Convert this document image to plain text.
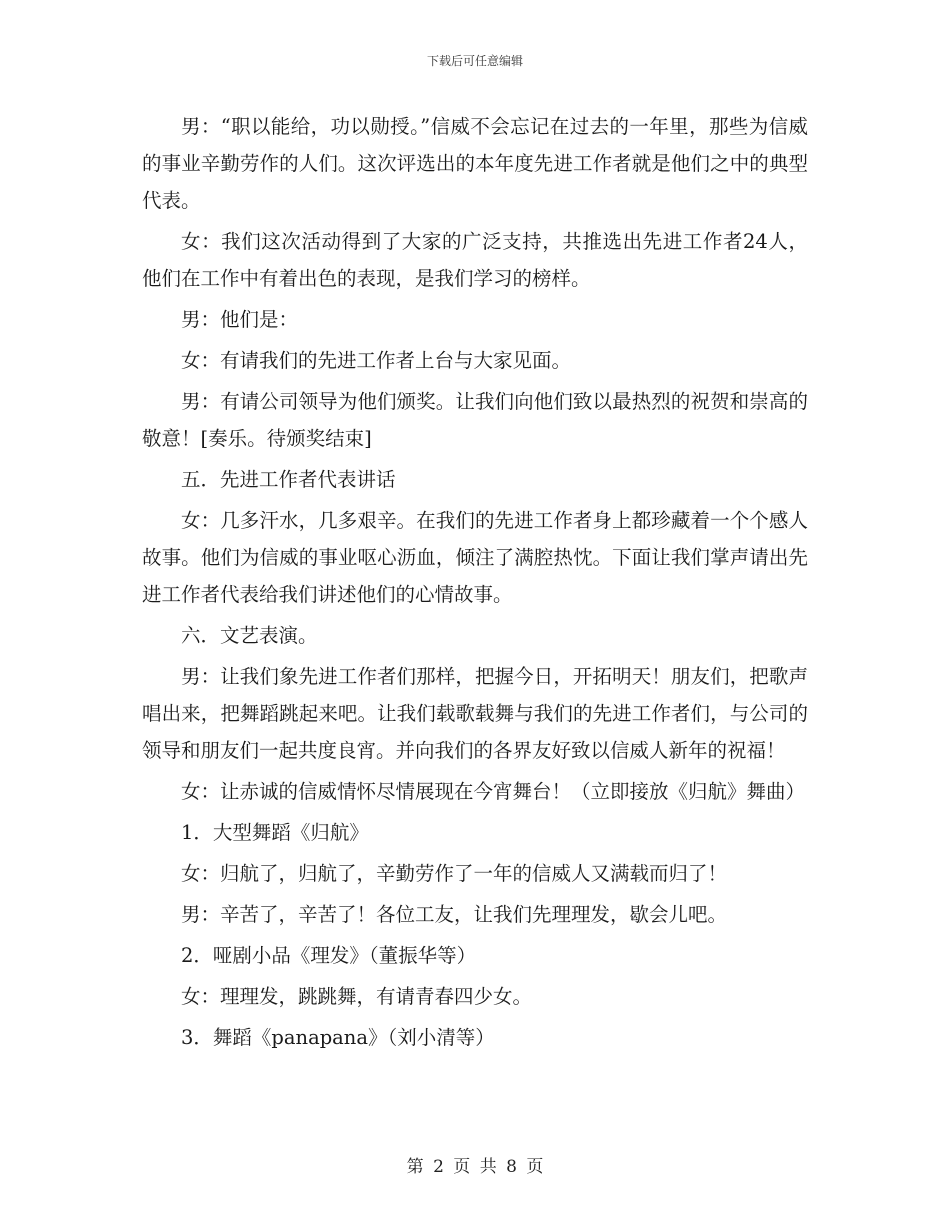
下载后可任意编辑

男：“职以能给，功以勋授。”信威不会忘记在过去的一年里，那些为信威的事业辛勤劳作的人们。这次评选出的本年度先进工作者就是他们之中的典型代表。

女：我们这次活动得到了大家的广泛支持，共推选出先进工作者24人，他们在工作中有着出色的表现，是我们学习的榜样。

男：他们是：

女：有请我们的先进工作者上台与大家见面。

男：有请公司领导为他们颁奖。让我们向他们致以最热烈的祝贺和崇高的敬意！[奏乐。待颁奖结束]

五．先进工作者代表讲话

女：几多汗水，几多艰辛。在我们的先进工作者身上都珍藏着一个个感人故事。他们为信威的事业呕心沥血，倾注了满腔热忱。下面让我们掌声请出先进工作者代表给我们讲述他们的心情故事。

六．文艺表演。

男：让我们象先进工作者们那样，把握今日，开拓明天！朋友们，把歌声唱出来，把舞蹈跳起来吧。让我们载歌载舞与我们的先进工作者们，与公司的领导和朋友们一起共度良宵。并向我们的各界友好致以信威人新年的祝福！

女：让赤诚的信威情怀尽情展现在今宵舞台！（立即接放《归航》舞曲）

1．大型舞蹈《归航》

女：归航了，归航了，辛勤劳作了一年的信威人又满载而归了！

男：辛苦了，辛苦了！各位工友，让我们先理理发，歇会儿吧。

2．哑剧小品《理发》（董振华等）

女：理理发，跳跳舞，有请青春四少女。

3．舞蹈《panapana》（刘小清等）

第 2 页 共 8 页
